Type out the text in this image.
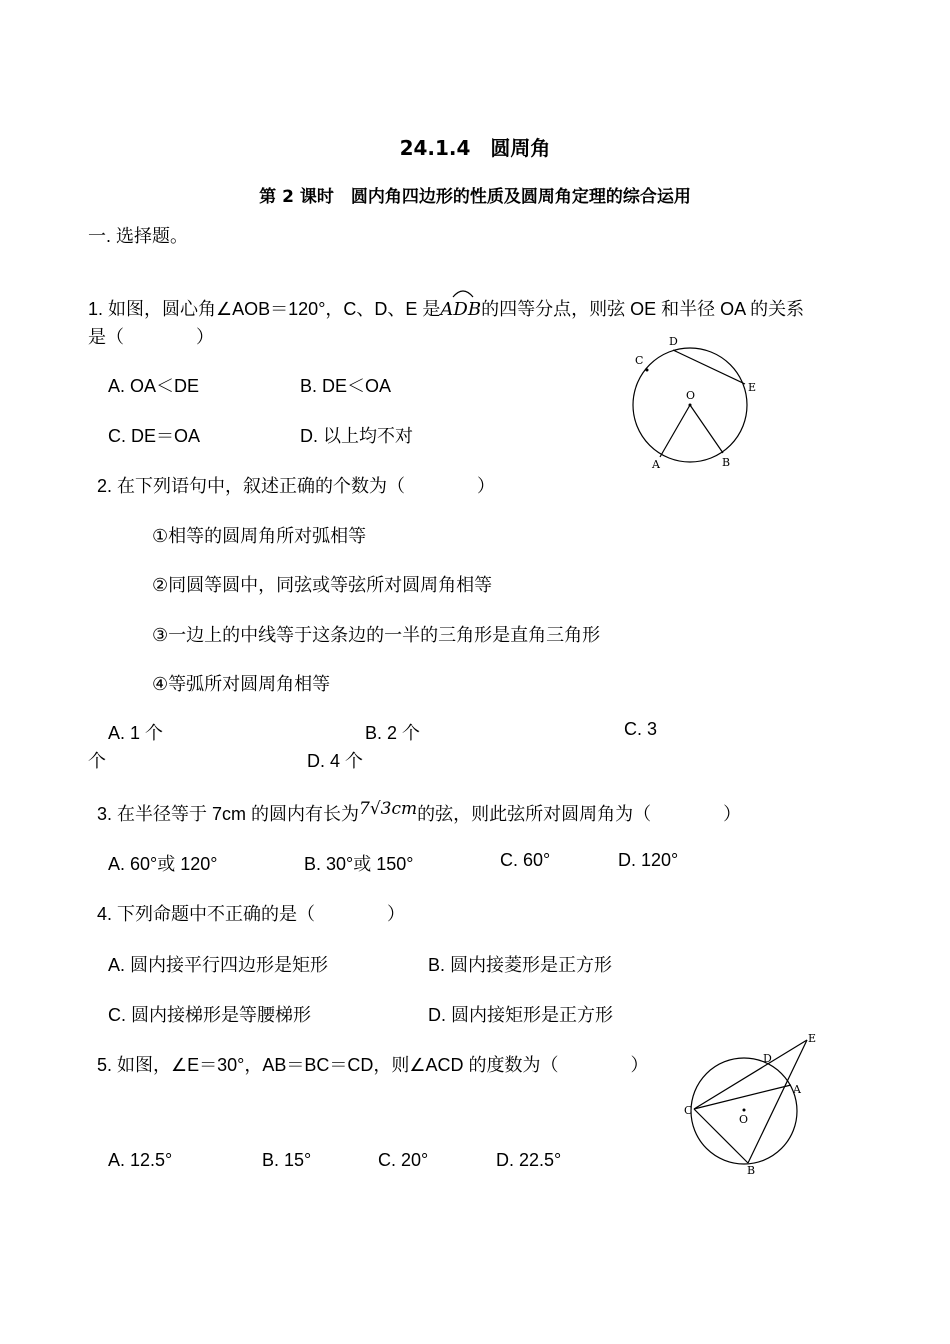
24.1.4　圆周角
第 2 课时　圆内角四边形的性质及圆周角定理的综合运用
一. 选择题。
1. 如图，圆心角∠AOB＝120°，C、D、E 是
ADB的四等分点，则弦 OE 和半径 OA 的关系
是（　　　　）
A. OA＜DE	B. DE＜OA
C. DE＝OA	D. 以上均不对
D
C
O
E
A	B
2. 在下列语句中，叙述正确的个数为（　　　　）
①相等的圆周角所对弧相等
②同圆等圆中，同弦或等弦所对圆周角相等
③一边上的中线等于这条边的一半的三角形是直角三角形
④等弧所对圆周角相等
A. 1 个	B. 2 个	C. 3
个	D. 4 个
3. 在半径等于 7cm 的圆内有长为7√3cm的弦，则此弦所对圆周角为（　　　　）
A. 60°或 120°	B. 30°或 150°	C. 60°	D. 120°
4. 下列命题中不正确的是（　　　　）
A. 圆内接平行四边形是矩形	B. 圆内接菱形是正方形
C. 圆内接梯形是等腰梯形	D. 圆内接矩形是正方形
5. 如图，∠E＝30°，AB＝BC＝CD，则∠ACD 的度数为（　　　　）
A. 12.5°	B. 15°	C. 20°	D. 22.5°
E
D
A
C
O
B
